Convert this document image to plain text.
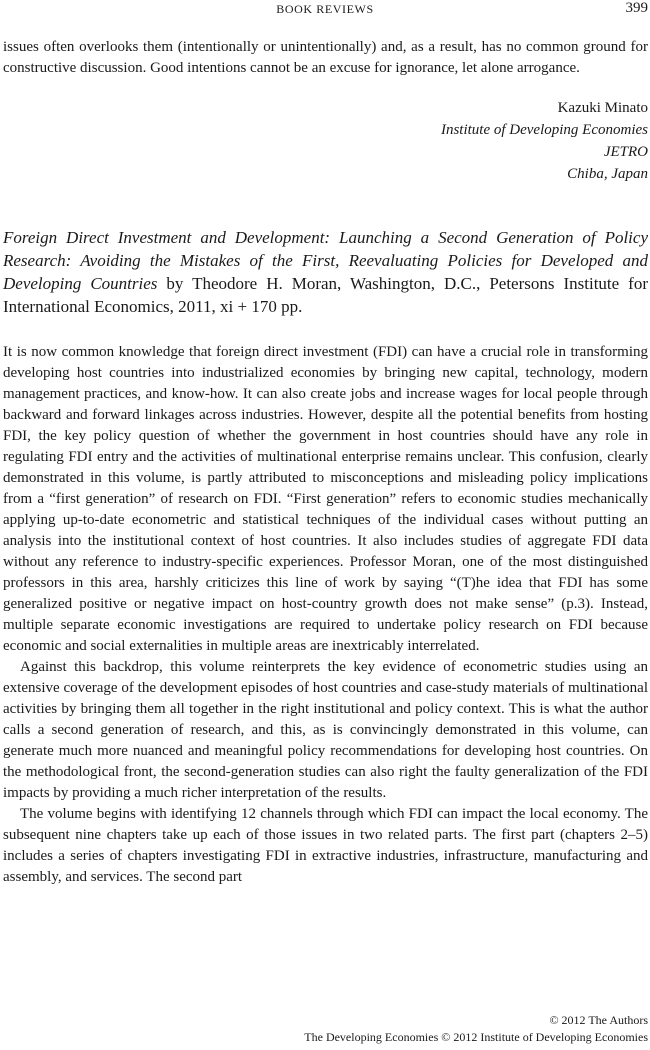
BOOK REVIEWS	399
issues often overlooks them (intentionally or unintentionally) and, as a result, has no common ground for constructive discussion. Good intentions cannot be an excuse for ignorance, let alone arrogance.
Kazuki Minato
Institute of Developing Economies
JETRO
Chiba, Japan
Foreign Direct Investment and Development: Launching a Second Generation of Policy Research: Avoiding the Mistakes of the First, Reevaluating Policies for Developed and Developing Countries by Theodore H. Moran, Washington, D.C., Petersons Institute for International Economics, 2011, xi + 170 pp.

It is now common knowledge that foreign direct investment (FDI) can have a crucial role in transforming developing host countries into industrialized economies by bringing new capital, technology, modern management practices, and know-how. It can also create jobs and increase wages for local people through backward and forward linkages across industries. However, despite all the potential benefits from hosting FDI, the key policy question of whether the government in host countries should have any role in regulating FDI entry and the activities of multinational enterprise remains unclear. This confusion, clearly demonstrated in this volume, is partly attributed to misconceptions and misleading policy implications from a “first generation” of research on FDI. “First generation” refers to economic studies mechanically applying up-to-date econometric and statistical techniques of the individual cases without putting an analysis into the institutional context of host countries. It also includes studies of aggregate FDI data without any reference to industry-specific experiences. Professor Moran, one of the most distinguished professors in this area, harshly criticizes this line of work by saying “(T)he idea that FDI has some generalized positive or negative impact on host-country growth does not make sense” (p.3). Instead, multiple separate economic investigations are required to undertake policy research on FDI because economic and social externalities in multiple areas are inextricably interrelated.

Against this backdrop, this volume reinterprets the key evidence of econometric studies using an extensive coverage of the development episodes of host countries and case-study materials of multinational activities by bringing them all together in the right institutional and policy context. This is what the author calls a second generation of research, and this, as is convincingly demonstrated in this volume, can generate much more nuanced and meaningful policy recommendations for developing host countries. On the methodological front, the second-generation studies can also right the faulty generalization of the FDI impacts by providing a much richer interpretation of the results.

The volume begins with identifying 12 channels through which FDI can impact the local economy. The subsequent nine chapters take up each of those issues in two related parts. The first part (chapters 2–5) includes a series of chapters investigating FDI in extractive industries, infrastructure, manufacturing and assembly, and services. The second part

© 2012 The Authors
The Developing Economies © 2012 Institute of Developing Economies
